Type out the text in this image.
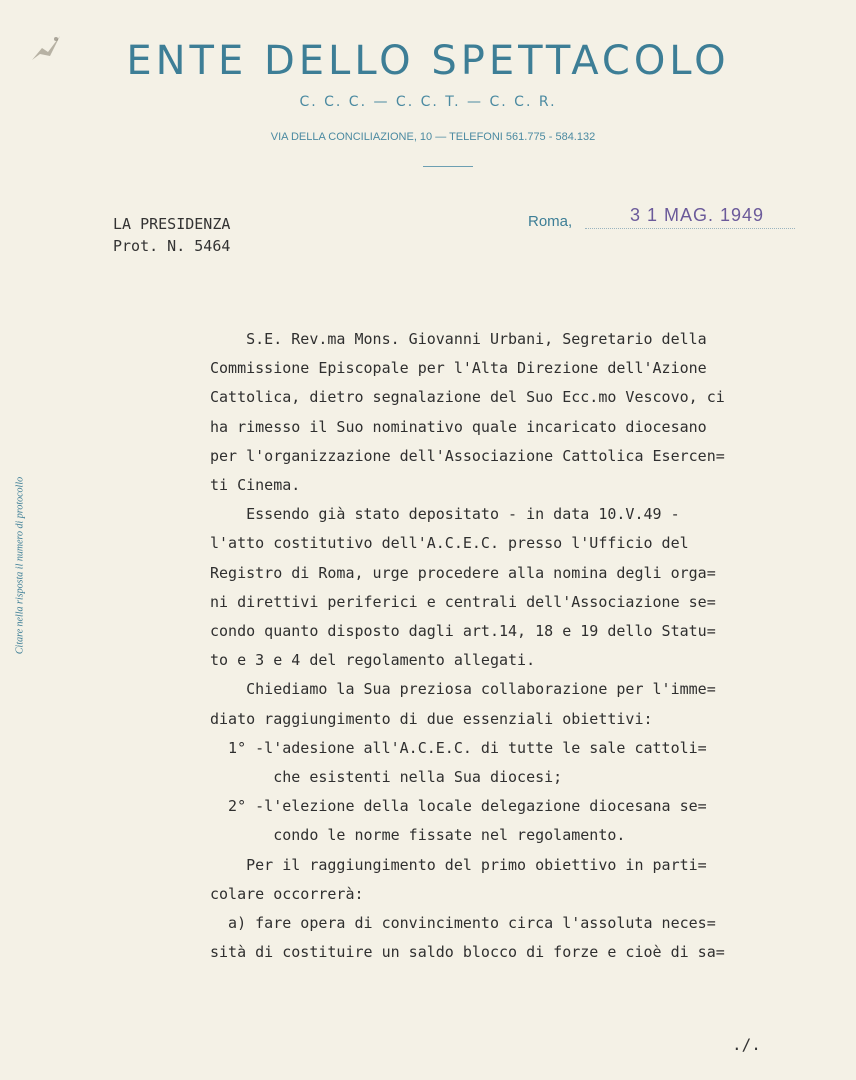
ENTE DELLO SPETTACOLO
C. C. C. — C. C. T. — C. C. R.
VIA DELLA CONCILIAZIONE, 10 — TELEFONI 561.775 - 584.132
Citare nella risposta il numero di protocollo
LA PRESIDENZA
Prot. N. 5464
Roma,	3 1 MAG. 1949

S.E. Rev.ma Mons. Giovanni Urbani, Segretario della

Commissione Episcopale per l'Alta Direzione dell'Azione

Cattolica, dietro segnalazione del Suo Ecc.mo Vescovo, ci

ha rimesso il Suo nominativo quale incaricato diocesano

per l'organizzazione dell'Associazione Cattolica Esercen=

ti Cinema.

Essendo già stato depositato - in data 10.V.49 -

l'atto costitutivo dell'A.C.E.C. presso l'Ufficio del

Registro di Roma, urge procedere alla nomina degli orga=

ni direttivi periferici e centrali dell'Associazione se=

condo quanto disposto dagli art.14, 18 e 19 dello Statu=

to e 3 e 4 del regolamento allegati.

Chiediamo la Sua preziosa collaborazione per l'imme=

diato raggiungimento di due essenziali obiettivi:

1° -l'adesione all'A.C.E.C. di tutte le sale cattoli=

che esistenti nella Sua diocesi;

2° -l'elezione della locale delegazione diocesana se=

condo le norme fissate nel regolamento.

Per il raggiungimento del primo obiettivo in parti=

colare occorrerà:

a) fare opera di convincimento circa l'assoluta neces=

sità di costituire un saldo blocco di forze e cioè di sa=

./.
